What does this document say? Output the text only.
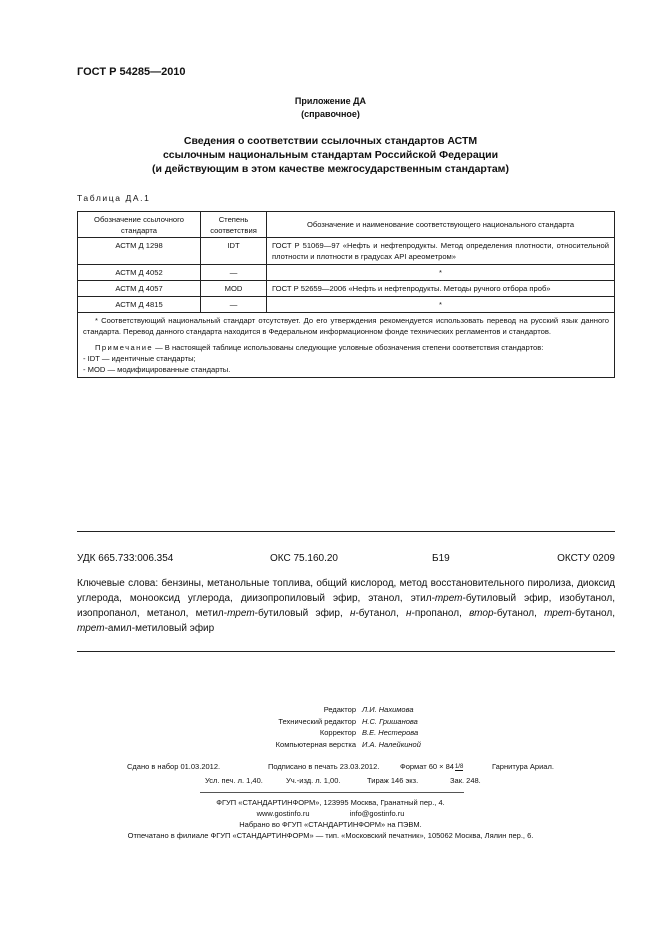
ГОСТ Р 54285—2010
Приложение ДА
(справочное)
Сведения о соответствии ссылочных стандартов АСТМ
ссылочным национальным стандартам Российской Федерации
(и действующим в этом качестве межгосударственным стандартам)
Таблица ДА.1
Обозначение ссылочного стандарта	Степень соответствия	Обозначение и наименование соответствующего национального стандарта
АСТМ Д 1298	IDT	ГОСТ Р 51069—97 «Нефть и нефтепродукты. Метод определения плотности, относительной плотности и плотности в градусах API ареометром»
АСТМ Д 4052	—	*
АСТМ Д 4057	MOD	ГОСТ Р 52659—2006 «Нефть и нефтепродукты. Методы ручного отбора проб»
АСТМ Д 4815	—	*

* Соответствующий национальный стандарт отсутствует. До его утверждения рекомендуется использовать перевод на русский язык данного стандарта. Перевод данного стандарта находится в Федеральном информационном фонде технических регламентов и стандартов.

Примечание — В настоящей таблице использованы следующие условные обозначения степени соответствия стандартов:

- IDT — идентичные стандарты;

- MOD — модифицированные стандарты.		

УДК 665.733:006.354	ОКС 75.160.20	Б19	ОКСТУ 0209
Ключевые слова: бензины, метанольные топлива, общий кислород, метод восстановительного пиролиза, диоксид углерода, монооксид углерода, диизопропиловый эфир, этанол, этил-трет-бутиловый эфир, изобутанол, изопропанол, метанол, метил-трет-бутиловый эфир, н-бутанол, н-пропанол, втор-бутанол, трет-бутанол, трет-амил-метиловый эфир
Редактор Л.И. Нахимова
Технический редактор Н.С. Гришанова
Корректор В.Е. Нестерова
Компьютерная верстка И.А. Налейкиной
Сдано в набор 01.03.2012.	Подписано в печать 23.03.2012.	Формат 60 × 841/8	Гарнитура Ариал.
Усл. печ. л. 1,40.	Уч.-изд. л. 1,00.	Тираж 146 экз.	Зак. 248.
ФГУП «СТАНДАРТИНФОРМ», 123995 Москва, Гранатный пер., 4.
www.gostinfo.ru	info@gostinfo.ru
Набрано во ФГУП «СТАНДАРТИНФОРМ» на ПЭВМ.
Отпечатано в филиале ФГУП «СТАНДАРТИНФОРМ» — тип. «Московский печатник», 105062 Москва, Лялин пер., 6.
